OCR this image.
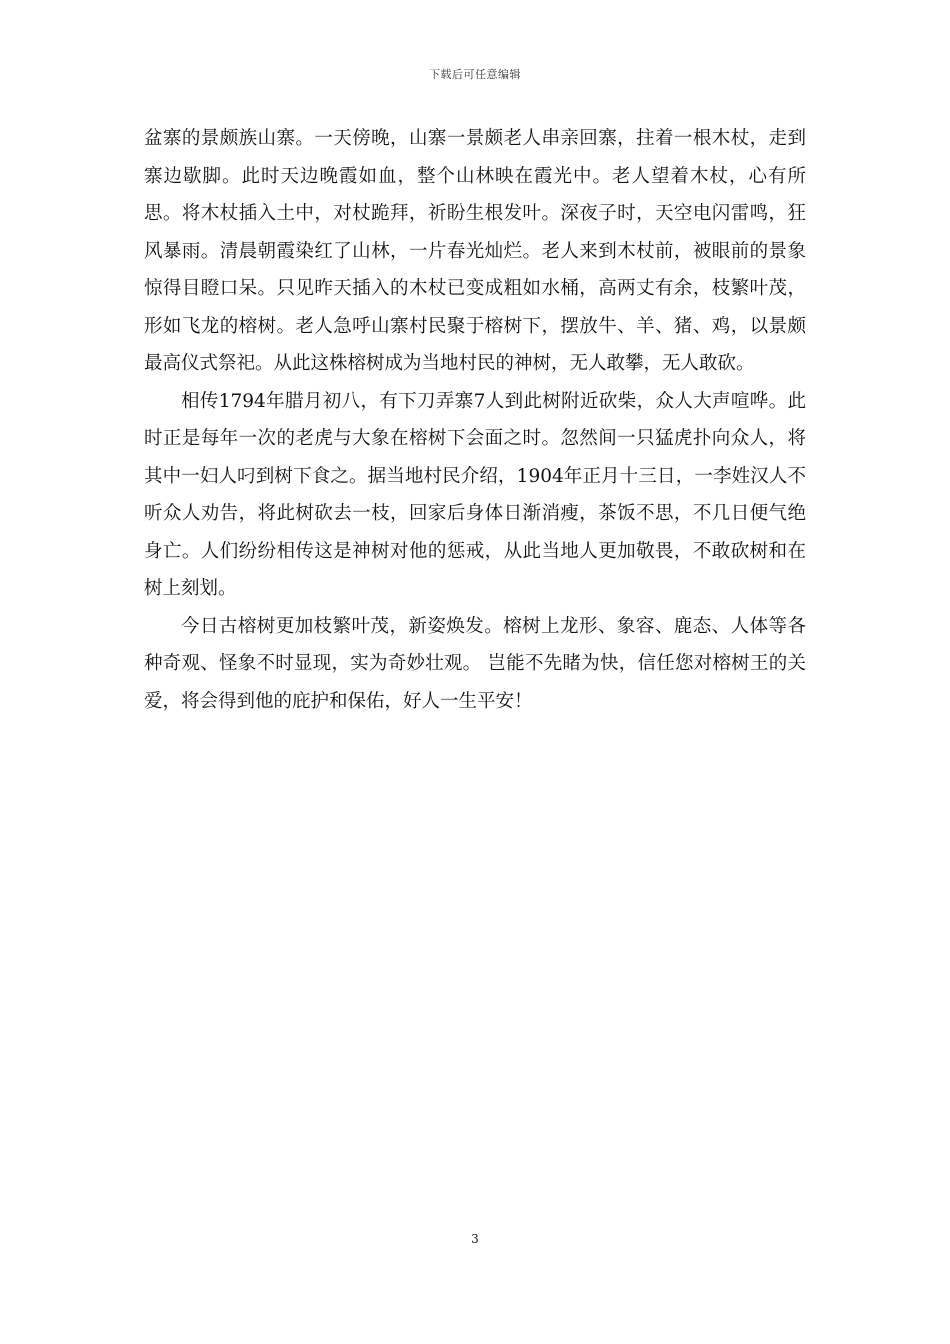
下载后可任意编辑

盆寨的景颇族山寨。一天傍晚，山寨一景颇老人串亲回寨，拄着一根木杖，走到寨边歇脚。此时天边晚霞如血，整个山林映在霞光中。老人望着木杖，心有所思。将木杖插入土中，对杖跪拜，祈盼生根发叶。深夜子时，天空电闪雷鸣，狂风暴雨。清晨朝霞染红了山林，一片春光灿烂。老人来到木杖前，被眼前的景象惊得目瞪口呆。只见昨天插入的木杖已变成粗如水桶，高两丈有余，枝繁叶茂，形如飞龙的榕树。老人急呼山寨村民聚于榕树下，摆放牛、羊、猪、鸡，以景颇最高仪式祭祀。从此这株榕树成为当地村民的神树，无人敢攀，无人敢砍。

相传1794年腊月初八，有下刀弄寨7人到此树附近砍柴，众人大声喧哗。此时正是每年一次的老虎与大象在榕树下会面之时。忽然间一只猛虎扑向众人，将其中一妇人叼到树下食之。据当地村民介绍，1904年正月十三日，一李姓汉人不听众人劝告，将此树砍去一枝，回家后身体日渐消瘦，茶饭不思，不几日便气绝身亡。人们纷纷相传这是神树对他的惩戒，从此当地人更加敬畏，不敢砍树和在树上刻划。

今日古榕树更加枝繁叶茂，新姿焕发。榕树上龙形、象容、鹿态、人体等各种奇观、怪象不时显现，实为奇妙壮观。 岂能不先睹为快，信任您对榕树王的关爱，将会得到他的庇护和保佑，好人一生平安！

3
